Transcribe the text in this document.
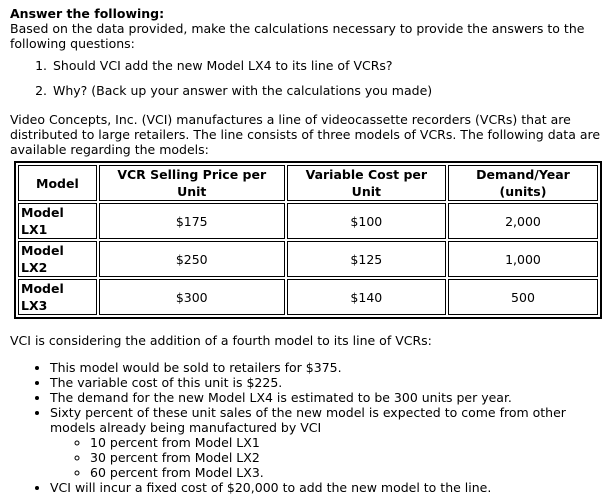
Answer the following:

Based on the data provided, make the calculations necessary to provide the answers to the following questions:

1. Should VCI add the new Model LX4 to its line of VCRs?
2. Why? (Back up your answer with the calculations you made)

Video Concepts, Inc. (VCI) manufactures a line of videocassette recorders (VCRs) that are distributed to large retailers. The line consists of three models of VCRs. The following data are available regarding the models:

Model	VCR Selling Price per Unit	Variable Cost per Unit	Demand/Year (units)
Model LX1	$175	$100	2,000
Model LX2	$250	$125	1,000
Model LX3	$300	$140	500

VCI is considering the addition of a fourth model to its line of VCRs:

• This model would be sold to retailers for $375.
• The variable cost of this unit is $225.
• The demand for the new Model LX4 is estimated to be 300 units per year.
• Sixty percent of these unit sales of the new model is expected to come from other models already being manufactured by VCI
◦ 10 percent from Model LX1
◦ 30 percent from Model LX2
◦ 60 percent from Model LX3.
• VCI will incur a fixed cost of $20,000 to add the new model to the line.
